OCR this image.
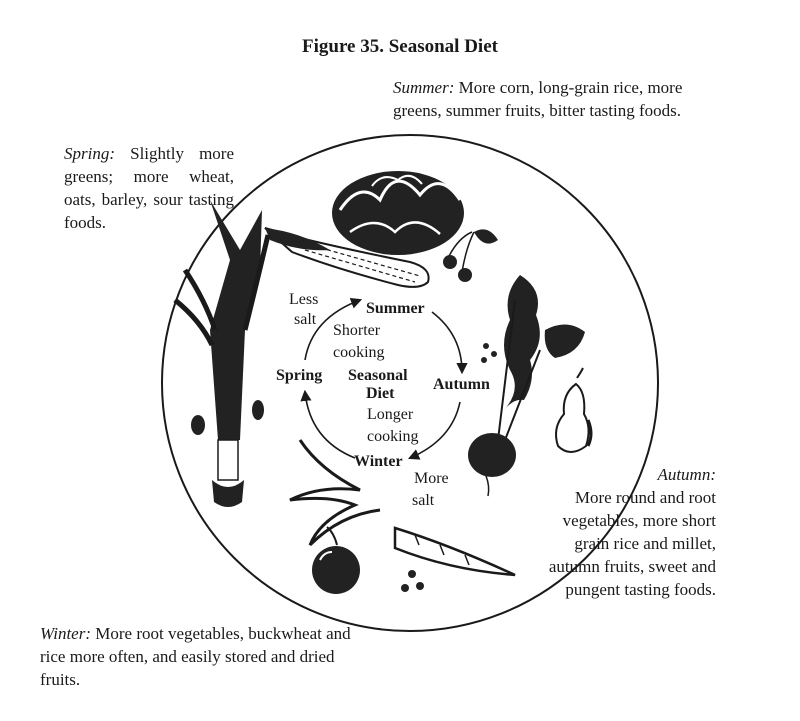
Figure 35. Seasonal Diet
Summer: More corn, long-grain rice, more greens, summer fruits, bitter tasting foods.
Spring: Slightly more greens; more wheat, oats, barley, sour tasting foods.
Autumn:
More round and root vegetables, more short grain rice and millet, autumn fruits, sweet and pungent tasting foods.
Winter: More root vegetables, buckwheat and rice more often, and easily stored and dried fruits.
Summer
Autumn
Winter
Spring Seasonal
Diet
Less
salt
Shorter
cooking
Longer
cooking
More
salt
